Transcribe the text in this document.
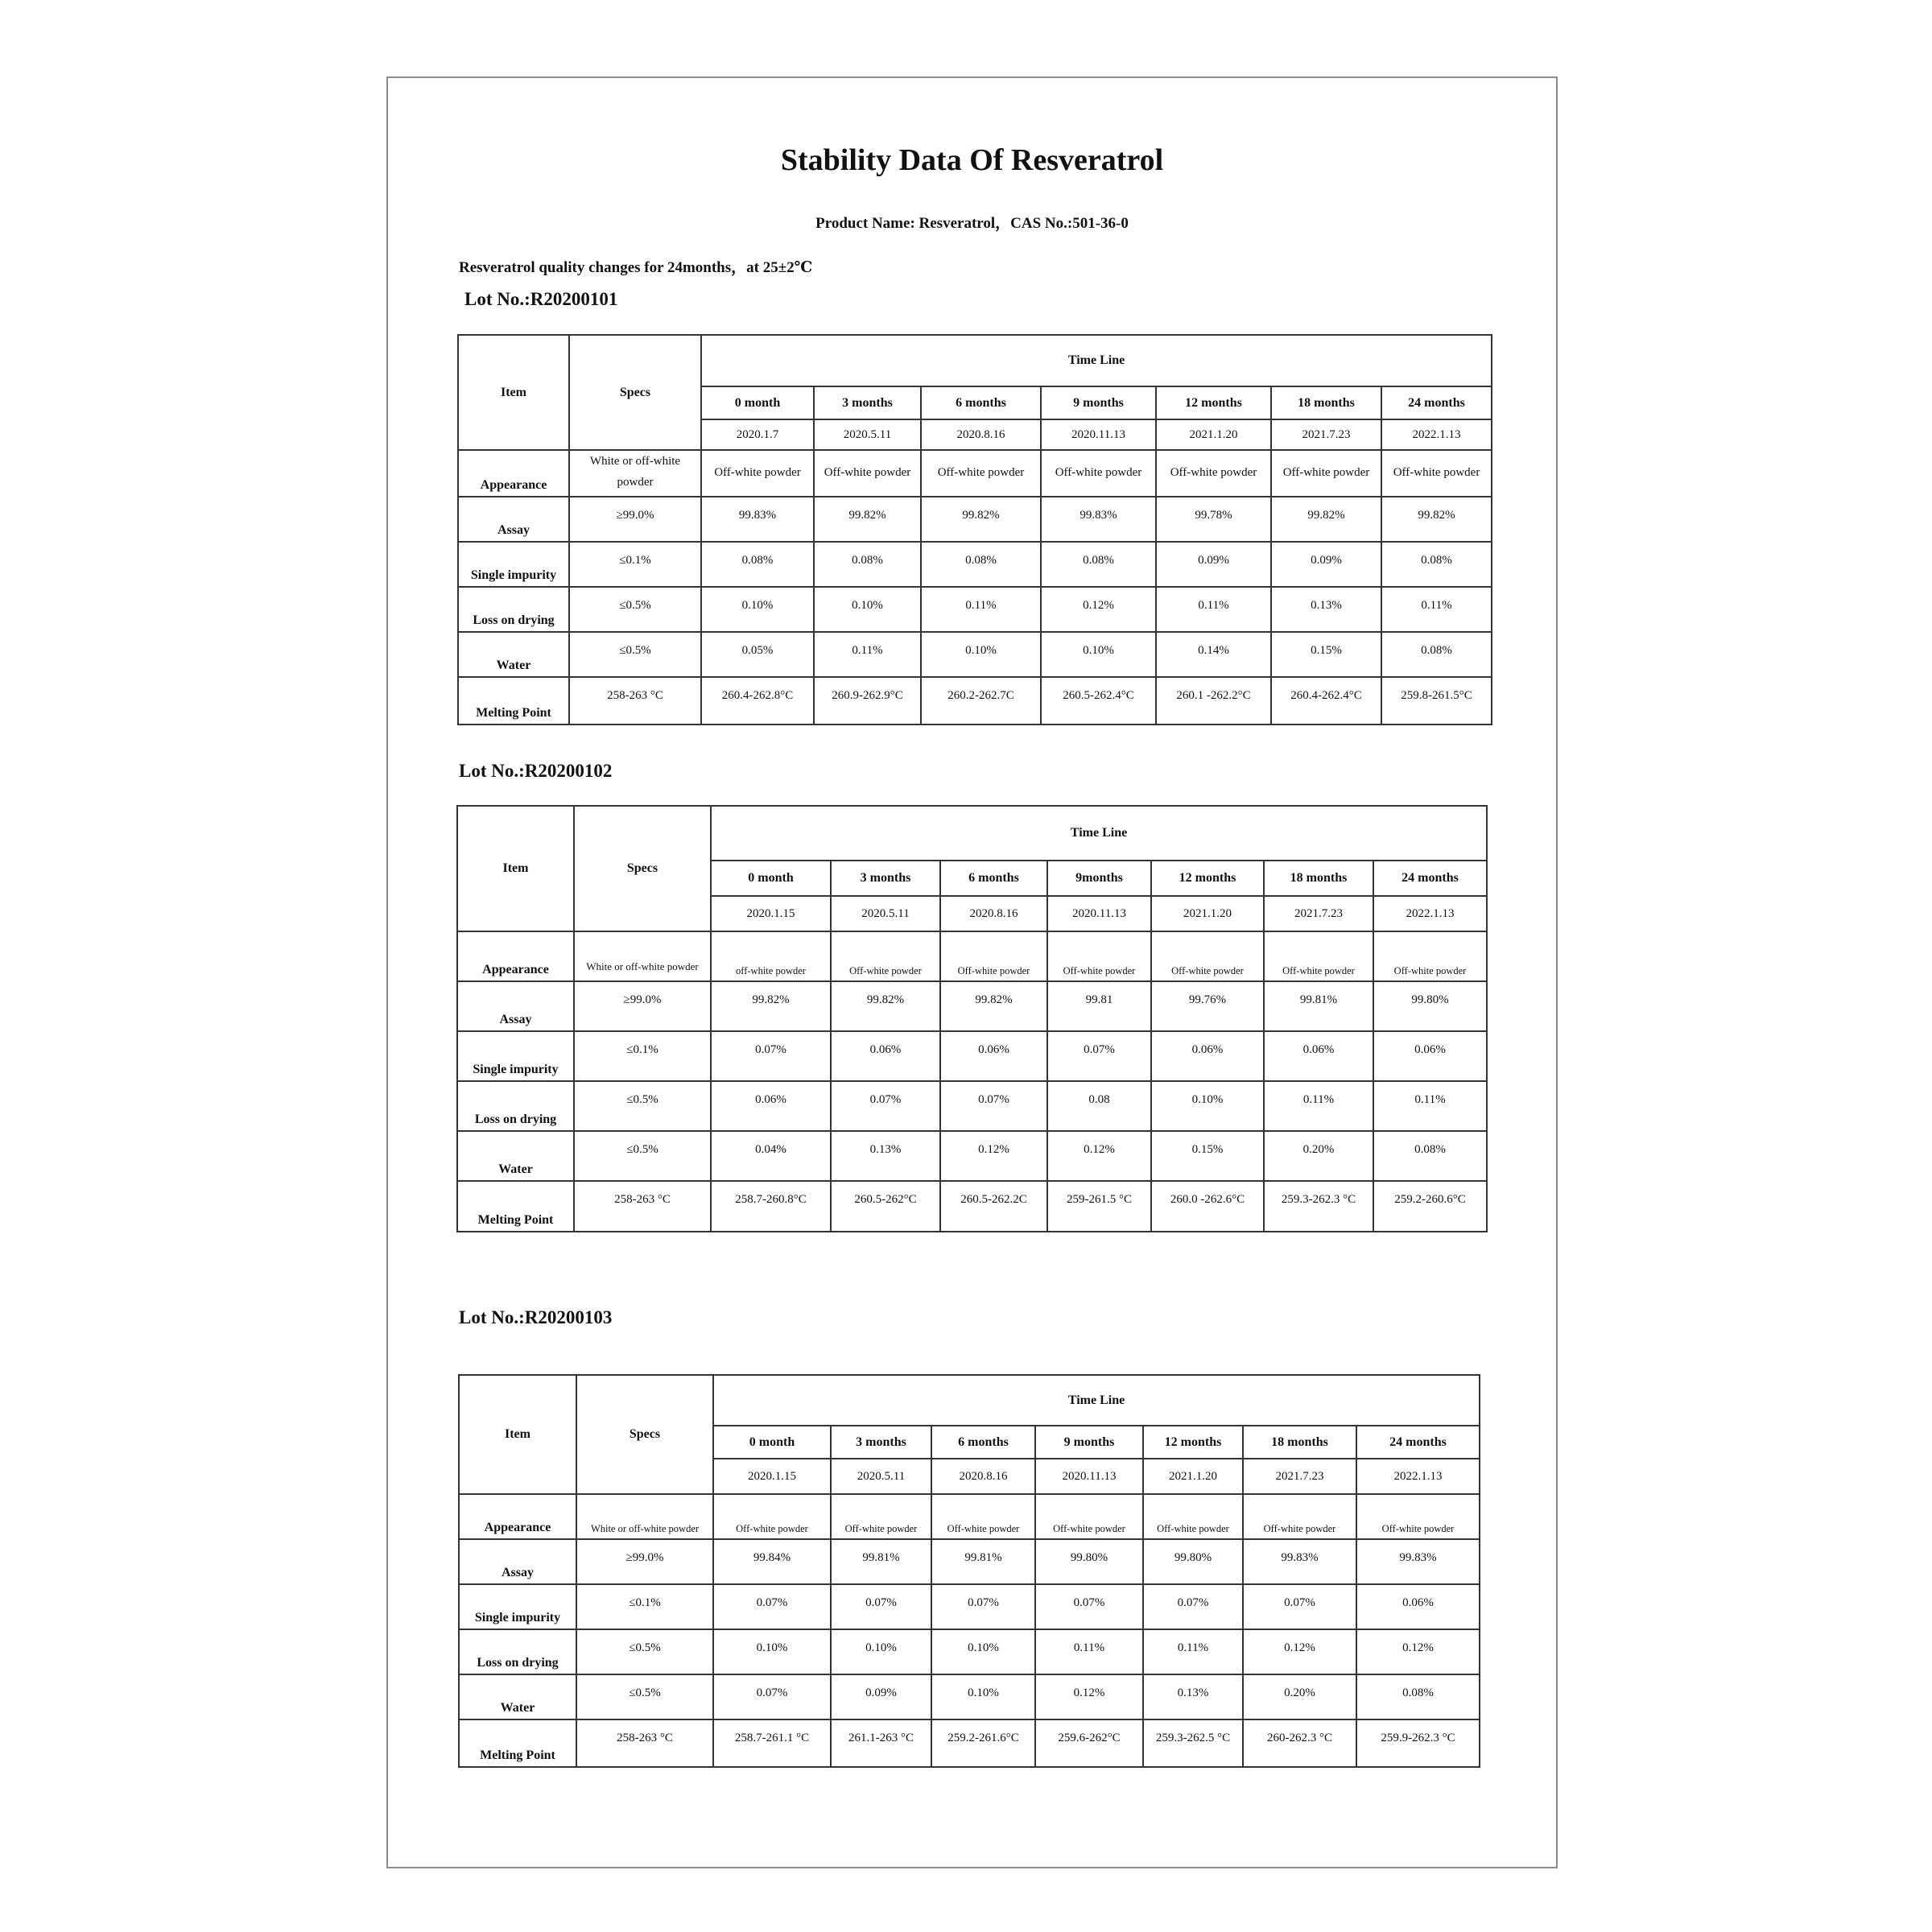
Stability Data Of Resveratrol
Product Name: Resveratrol，CAS No.:501-36-0
Resveratrol quality changes for 24months，at 25±2℃
Lot No.:R20200101
Lot No.:R20200102
Lot No.:R20200103
Item	Specs	Time Line						
		0 month	3 months	6 months	9 months	12 months	18 months	24 months
		2020.1.7	2020.5.11	2020.8.16	2020.11.13	2021.1.20	2021.7.23	2022.1.13
Appearance	White or off-white powder	Off-white powder	Off-white powder	Off-white powder	Off-white powder	Off-white powder	Off-white powder	Off-white powder
Assay	≥99.0%	99.83%	99.82%	99.82%	99.83%	99.78%	99.82%	99.82%
Single impurity	≤0.1%	0.08%	0.08%	0.08%	0.08%	0.09%	0.09%	0.08%
Loss on drying	≤0.5%	0.10%	0.10%	0.11%	0.12%	0.11%	0.13%	0.11%
Water	≤0.5%	0.05%	0.11%	0.10%	0.10%	0.14%	0.15%	0.08%
Melting Point	258-263 °C	260.4-262.8°C	260.9-262.9°C	260.2-262.7C	260.5-262.4°C	260.1 -262.2°C	260.4-262.4°C	259.8-261.5°C
Item	Specs	Time Line						
		0 month	3 months	6 months	9months	12 months	18 months	24 months
		2020.1.15	2020.5.11	2020.8.16	2020.11.13	2021.1.20	2021.7.23	2022.1.13
Appearance	White or off-white powder	off-white powder	Off-white powder	Off-white powder	Off-white powder	Off-white powder	Off-white powder	Off-white powder
Assay	≥99.0%	99.82%	99.82%	99.82%	99.81	99.76%	99.81%	99.80%
Single impurity	≤0.1%	0.07%	0.06%	0.06%	0.07%	0.06%	0.06%	0.06%
Loss on drying	≤0.5%	0.06%	0.07%	0.07%	0.08	0.10%	0.11%	0.11%
Water	≤0.5%	0.04%	0.13%	0.12%	0.12%	0.15%	0.20%	0.08%
Melting Point	258-263 °C	258.7-260.8°C	260.5-262°C	260.5-262.2C	259-261.5 °C	260.0 -262.6°C	259.3-262.3 °C	259.2-260.6°C
Item	Specs	Time Line						
		0 month	3 months	6 months	9 months	12 months	18 months	24 months
		2020.1.15	2020.5.11	2020.8.16	2020.11.13	2021.1.20	2021.7.23	2022.1.13
Appearance	White or off-white powder	Off-white powder	Off-white powder	Off-white powder	Off-white powder	Off-white powder	Off-white powder	Off-white powder
Assay	≥99.0%	99.84%	99.81%	99.81%	99.80%	99.80%	99.83%	99.83%
Single impurity	≤0.1%	0.07%	0.07%	0.07%	0.07%	0.07%	0.07%	0.06%
Loss on drying	≤0.5%	0.10%	0.10%	0.10%	0.11%	0.11%	0.12%	0.12%
Water	≤0.5%	0.07%	0.09%	0.10%	0.12%	0.13%	0.20%	0.08%
Melting Point	258-263 °C	258.7-261.1 °C	261.1-263 °C	259.2-261.6°C	259.6-262°C	259.3-262.5 °C	260-262.3 °C	259.9-262.3 °C
